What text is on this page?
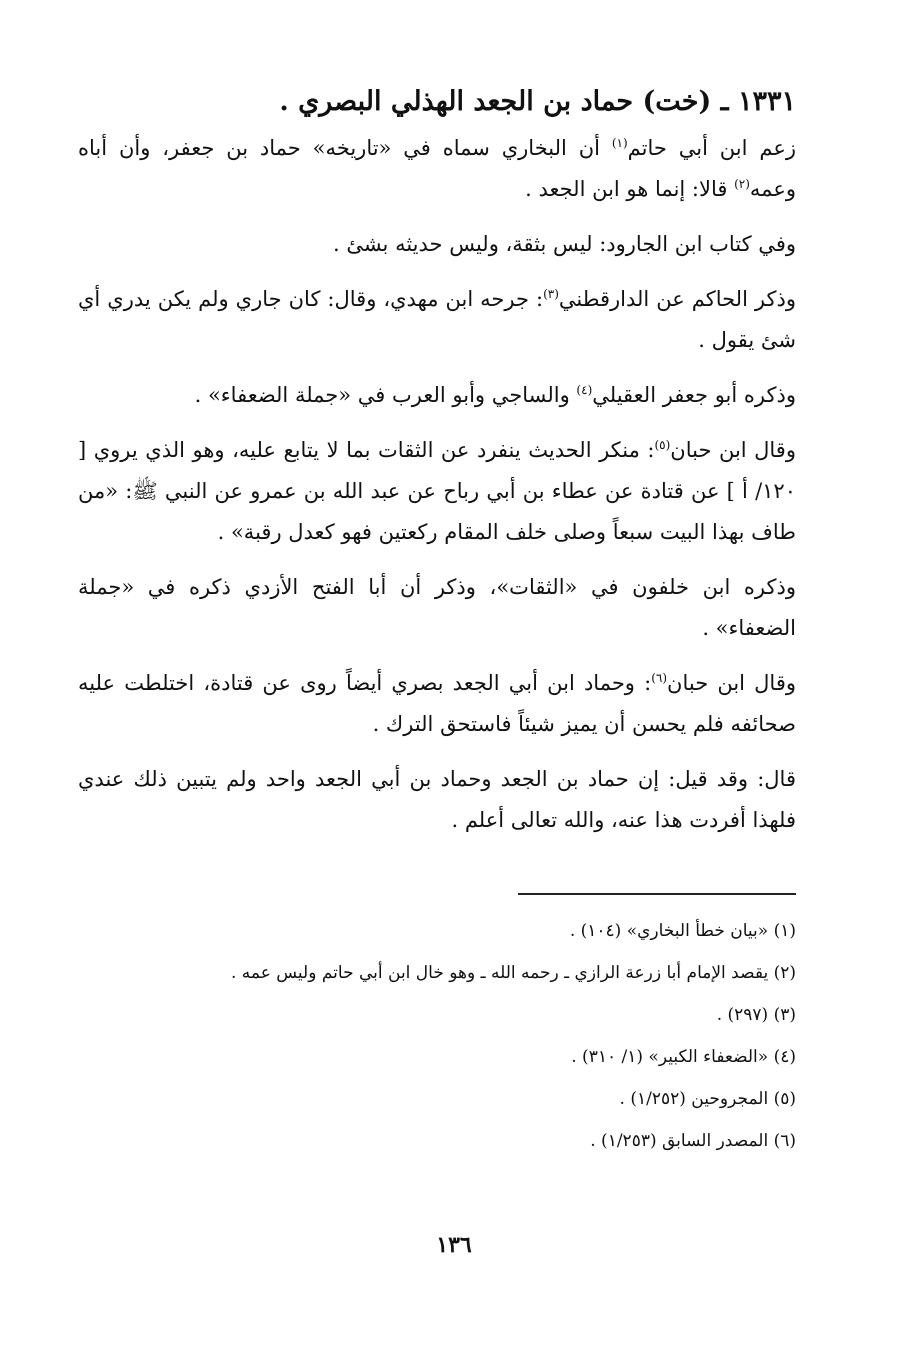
١٣٣١ ـ (خت) حماد بن الجعد الهذلي البصري .

زعم ابن أبي حاتم$^{(١)}$ أن البخاري سماه في «تاريخه» حماد بن جعفر، وأن أباه وعمه$^{(٢)}$ قالا: إنما هو ابن الجعد .

وفي كتاب ابن الجارود: ليس بثقة، وليس حديثه بشئ .

وذكر الحاكم عن الدارقطني$^{(٣)}$: جرحه ابن مهدي، وقال: كان جاري ولم يكن يدري أي شئ يقول .

وذكره أبو جعفر العقيلي$^{(٤)}$ والساجي وأبو العرب في «جملة الضعفاء» .

وقال ابن حبان$^{(٥)}$: منكر الحديث ينفرد عن الثقات بما لا يتابع عليه، وهو الذي يروي [ ١٢٠/ أ ] عن قتادة عن عطاء بن أبي رباح عن عبد الله بن عمرو عن النبي ﷺ: «من طاف بهذا البيت سبعاً وصلى خلف المقام ركعتين فهو كعدل رقبة» .

وذكره ابن خلفون في «الثقات»، وذكر أن أبا الفتح الأزدي ذكره في «جملة الضعفاء» .

وقال ابن حبان$^{(٦)}$: وحماد ابن أبي الجعد بصري أيضاً روى عن قتادة، اختلطت عليه صحائفه فلم يحسن أن يميز شيئاً فاستحق الترك .

قال: وقد قيل: إن حماد بن الجعد وحماد بن أبي الجعد واحد ولم يتبين ذلك عندي فلهذا أفردت هذا عنه، والله تعالى أعلم .

(١) «بيان خطأ البخاري» (١٠٤) .
(٢) يقصد الإمام أبا زرعة الرازي ـ رحمه الله ـ وهو خال ابن أبي حاتم وليس عمه .
(٣) (٢٩٧) .
(٤) «الضعفاء الكبير» (١/ ٣١٠) .
(٥) المجروحين (١/٢٥٢) .
(٦) المصدر السابق (١/٢٥٣) .
١٣٦
